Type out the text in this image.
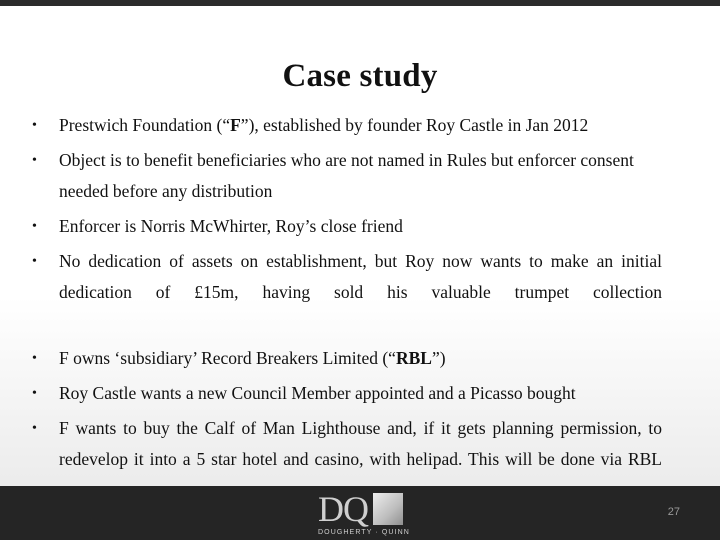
Case study
• Prestwich Foundation (“F”), established by founder Roy Castle in Jan 2012
• Object is to benefit beneficiaries who are not named in Rules but enforcer consent needed before any distribution
• Enforcer is Norris McWhirter, Roy’s close friend
• No dedication of assets on establishment, but Roy now wants to make an initial dedication of £15m, having sold his valuable trumpet collection
• F owns ‘subsidiary’ Record Breakers Limited (“RBL”)
• Roy Castle wants a new Council Member appointed and a Picasso bought
• F wants to buy the Calf of Man Lighthouse and, if it gets planning permission, to redevelop it into a 5 star hotel and casino, with helipad. This will be done via RBL
DQ
DOUGHERTY · QUINN
27
